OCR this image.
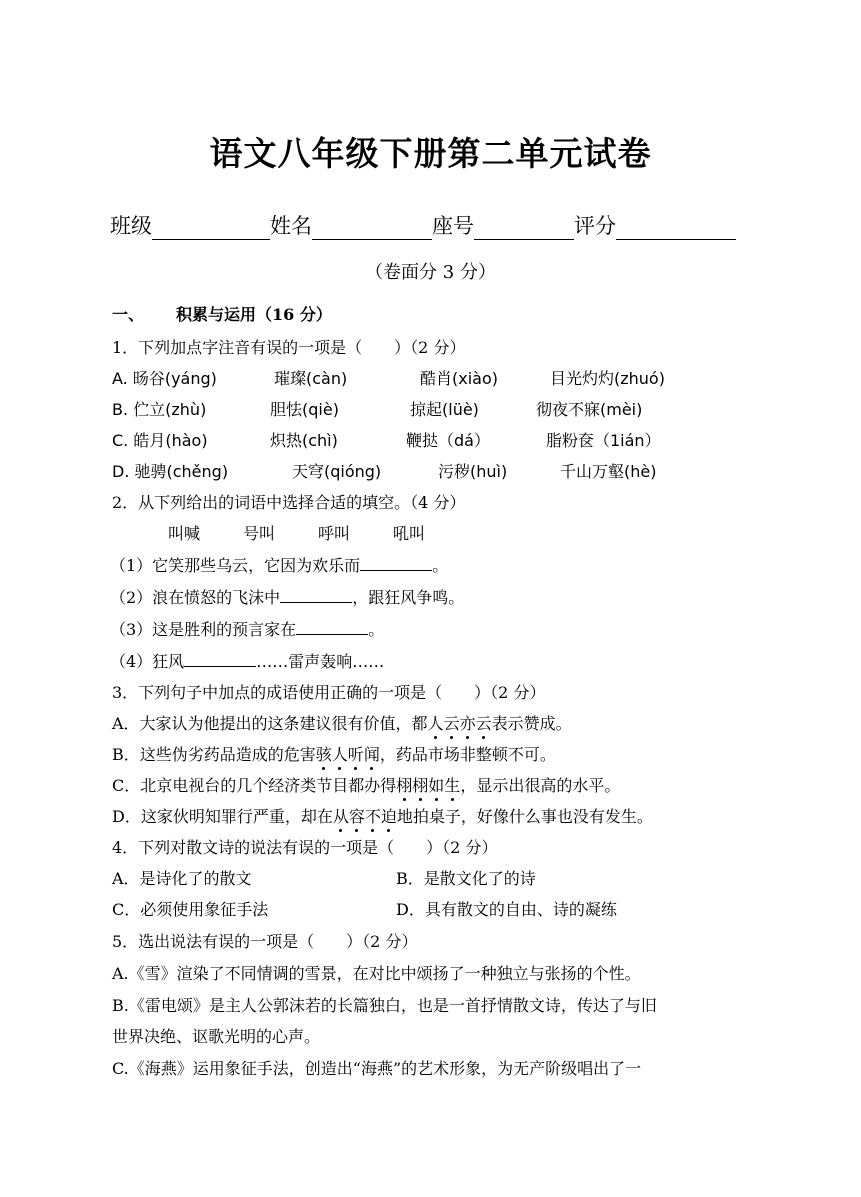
语文八年级下册第二单元试卷
班级	姓名	座号	评分
（卷面分 3 分）
一、 积累与运用（16 分）
1．下列加点字注音有误的一项是（　　）（2 分）
A. 旸谷(yáng)	璀璨(càn)	酷肖(xiào)	目光灼灼(zhuó)
B. 伫立(zhù)	胆怯(qiè)	掠起(lüè)	彻夜不寐(mèi)
C. 皓月(hào)	炽热(chì)	鞭挞（dá）	脂粉奁（1ián）
D. 驰骋(chěng)	天穹(qióng)	污秽(huì)	千山万壑(hè)
2．从下列给出的词语中选择合适的填空。（4 分）
叫喊	号叫	呼叫	吼叫
（1）它笑那些乌云，它因为欢乐而	。
（2）浪在愤怒的飞沫中	，跟狂风争鸣。
（3）这是胜利的预言家在	。
（4）狂风	……雷声轰响……
3．下列句子中加点的成语使用正确的一项是（　　）（2 分）
A．大家认为他提出的这条建议很有价值，都人云亦云表示赞成。
B．这些伪劣药品造成的危害骇人听闻，药品市场非整顿不可。
C．北京电视台的几个经济类节目都办得栩栩如生，显示出很高的水平。
D．这家伙明知罪行严重，却在从容不迫地拍桌子，好像什么事也没有发生。
4．下列对散文诗的说法有误的一项是（　　）（2 分）
A．是诗化了的散文	B．是散文化了的诗
C．必须使用象征手法	D．具有散文的自由、诗的凝练
5．选出说法有误的一项是（　　）（2 分）
A.《雪》渲染了不同情调的雪景，在对比中颂扬了一种独立与张扬的个性。
B.《雷电颂》是主人公郭沫若的长篇独白，也是一首抒情散文诗，传达了与旧
世界决绝、讴歌光明的心声。
C.《海燕》运用象征手法，创造出“海燕”的艺术形象，为无产阶级唱出了一
